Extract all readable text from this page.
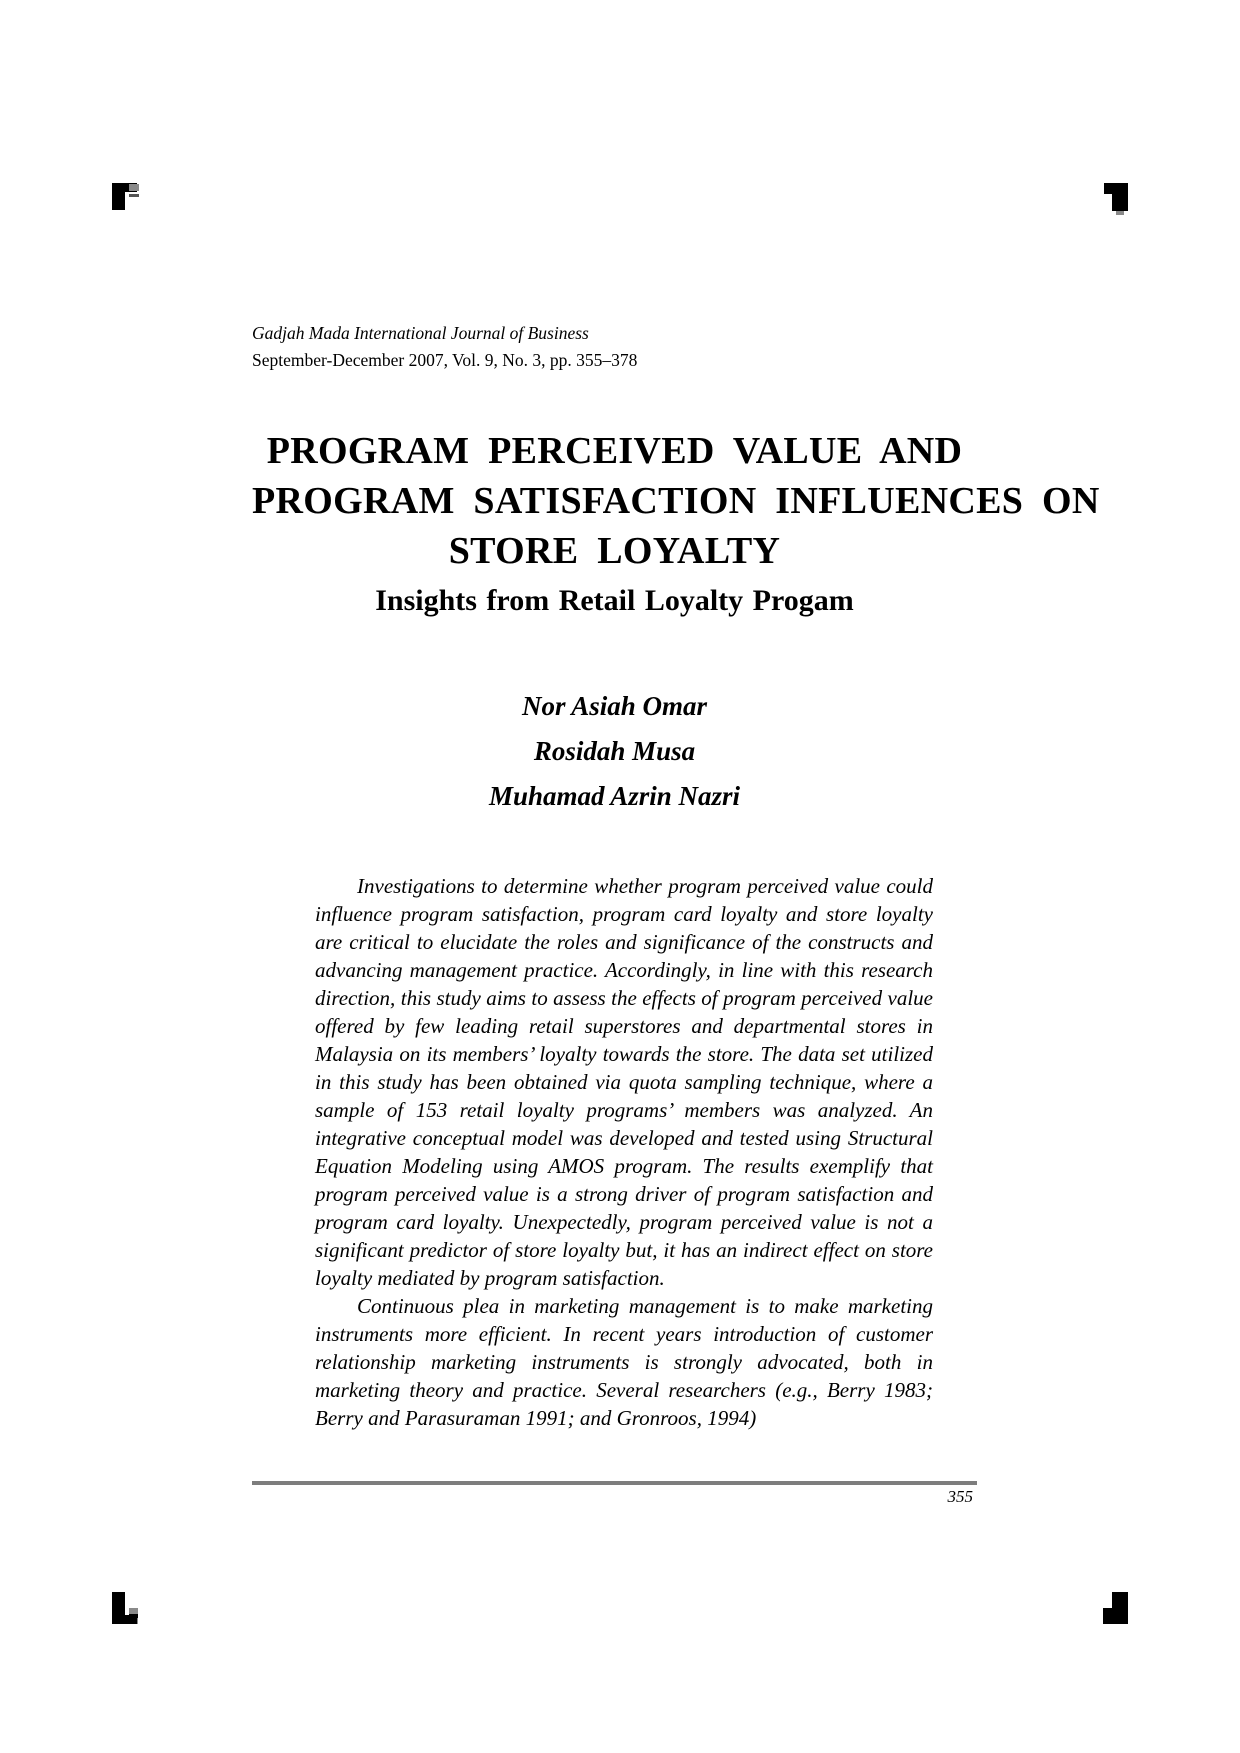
Gadjah Mada International Journal of Business
September-December 2007, Vol. 9, No. 3, pp. 355–378
PROGRAM PERCEIVED VALUE AND
PROGRAM SATISFACTION INFLUENCES ON
STORE LOYALTY
Insights from Retail Loyalty Progam
Nor Asiah Omar
Rosidah Musa
Muhamad Azrin Nazri

Investigations to determine whether program perceived value could influence program satisfaction, program card loyalty and store loyalty are critical to elucidate the roles and significance of the constructs and advancing management practice. Accordingly, in line with this research direction, this study aims to assess the effects of program perceived value offered by few leading retail superstores and departmental stores in Malaysia on its members’ loyalty towards the store. The data set utilized in this study has been obtained via quota sampling technique, where a sample of 153 retail loyalty programs’ members was analyzed. An integrative conceptual model was developed and tested using Structural Equation Modeling using AMOS program. The results exemplify that program perceived value is a strong driver of program satisfaction and program card loyalty. Unexpectedly, program perceived value is not a significant predictor of store loyalty but, it has an indirect effect on store loyalty mediated by program satisfaction.

Continuous plea in marketing management is to make marketing instruments more efficient. In recent years introduction of customer relationship marketing instruments is strongly advocated, both in marketing theory and practice. Several researchers (e.g., Berry 1983; Berry and Parasuraman 1991; and Gronroos, 1994)

355
